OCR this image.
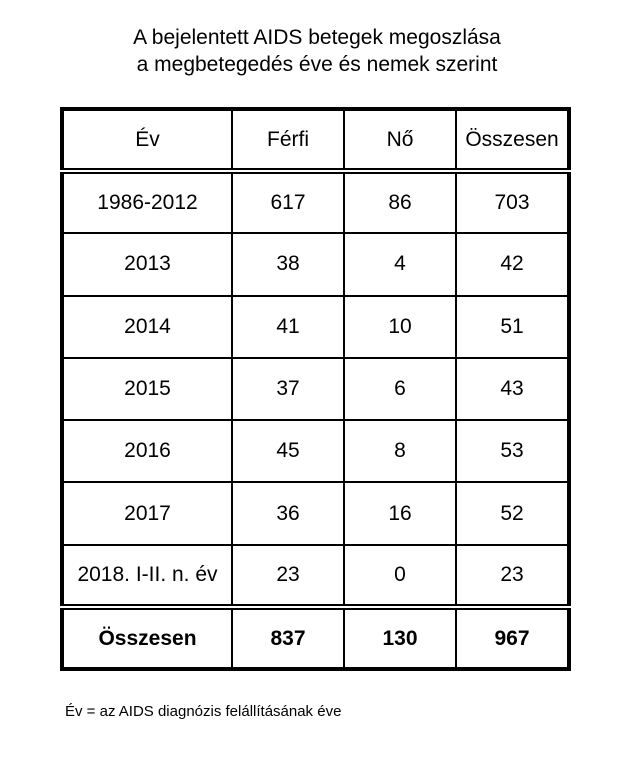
A bejelentett AIDS betegek megoszlása
a megbetegedés éve és nemek szerint
Év	Férfi	Nő	Összesen
1986-2012	617	86	703
2013	38	4	42
2014	41	10	51
2015	37	6	43
2016	45	8	53
2017	36	16	52
2018. I-II. n. év	23	0	23
Összesen	837	130	967
Év = az AIDS diagnózis felállításának éve
